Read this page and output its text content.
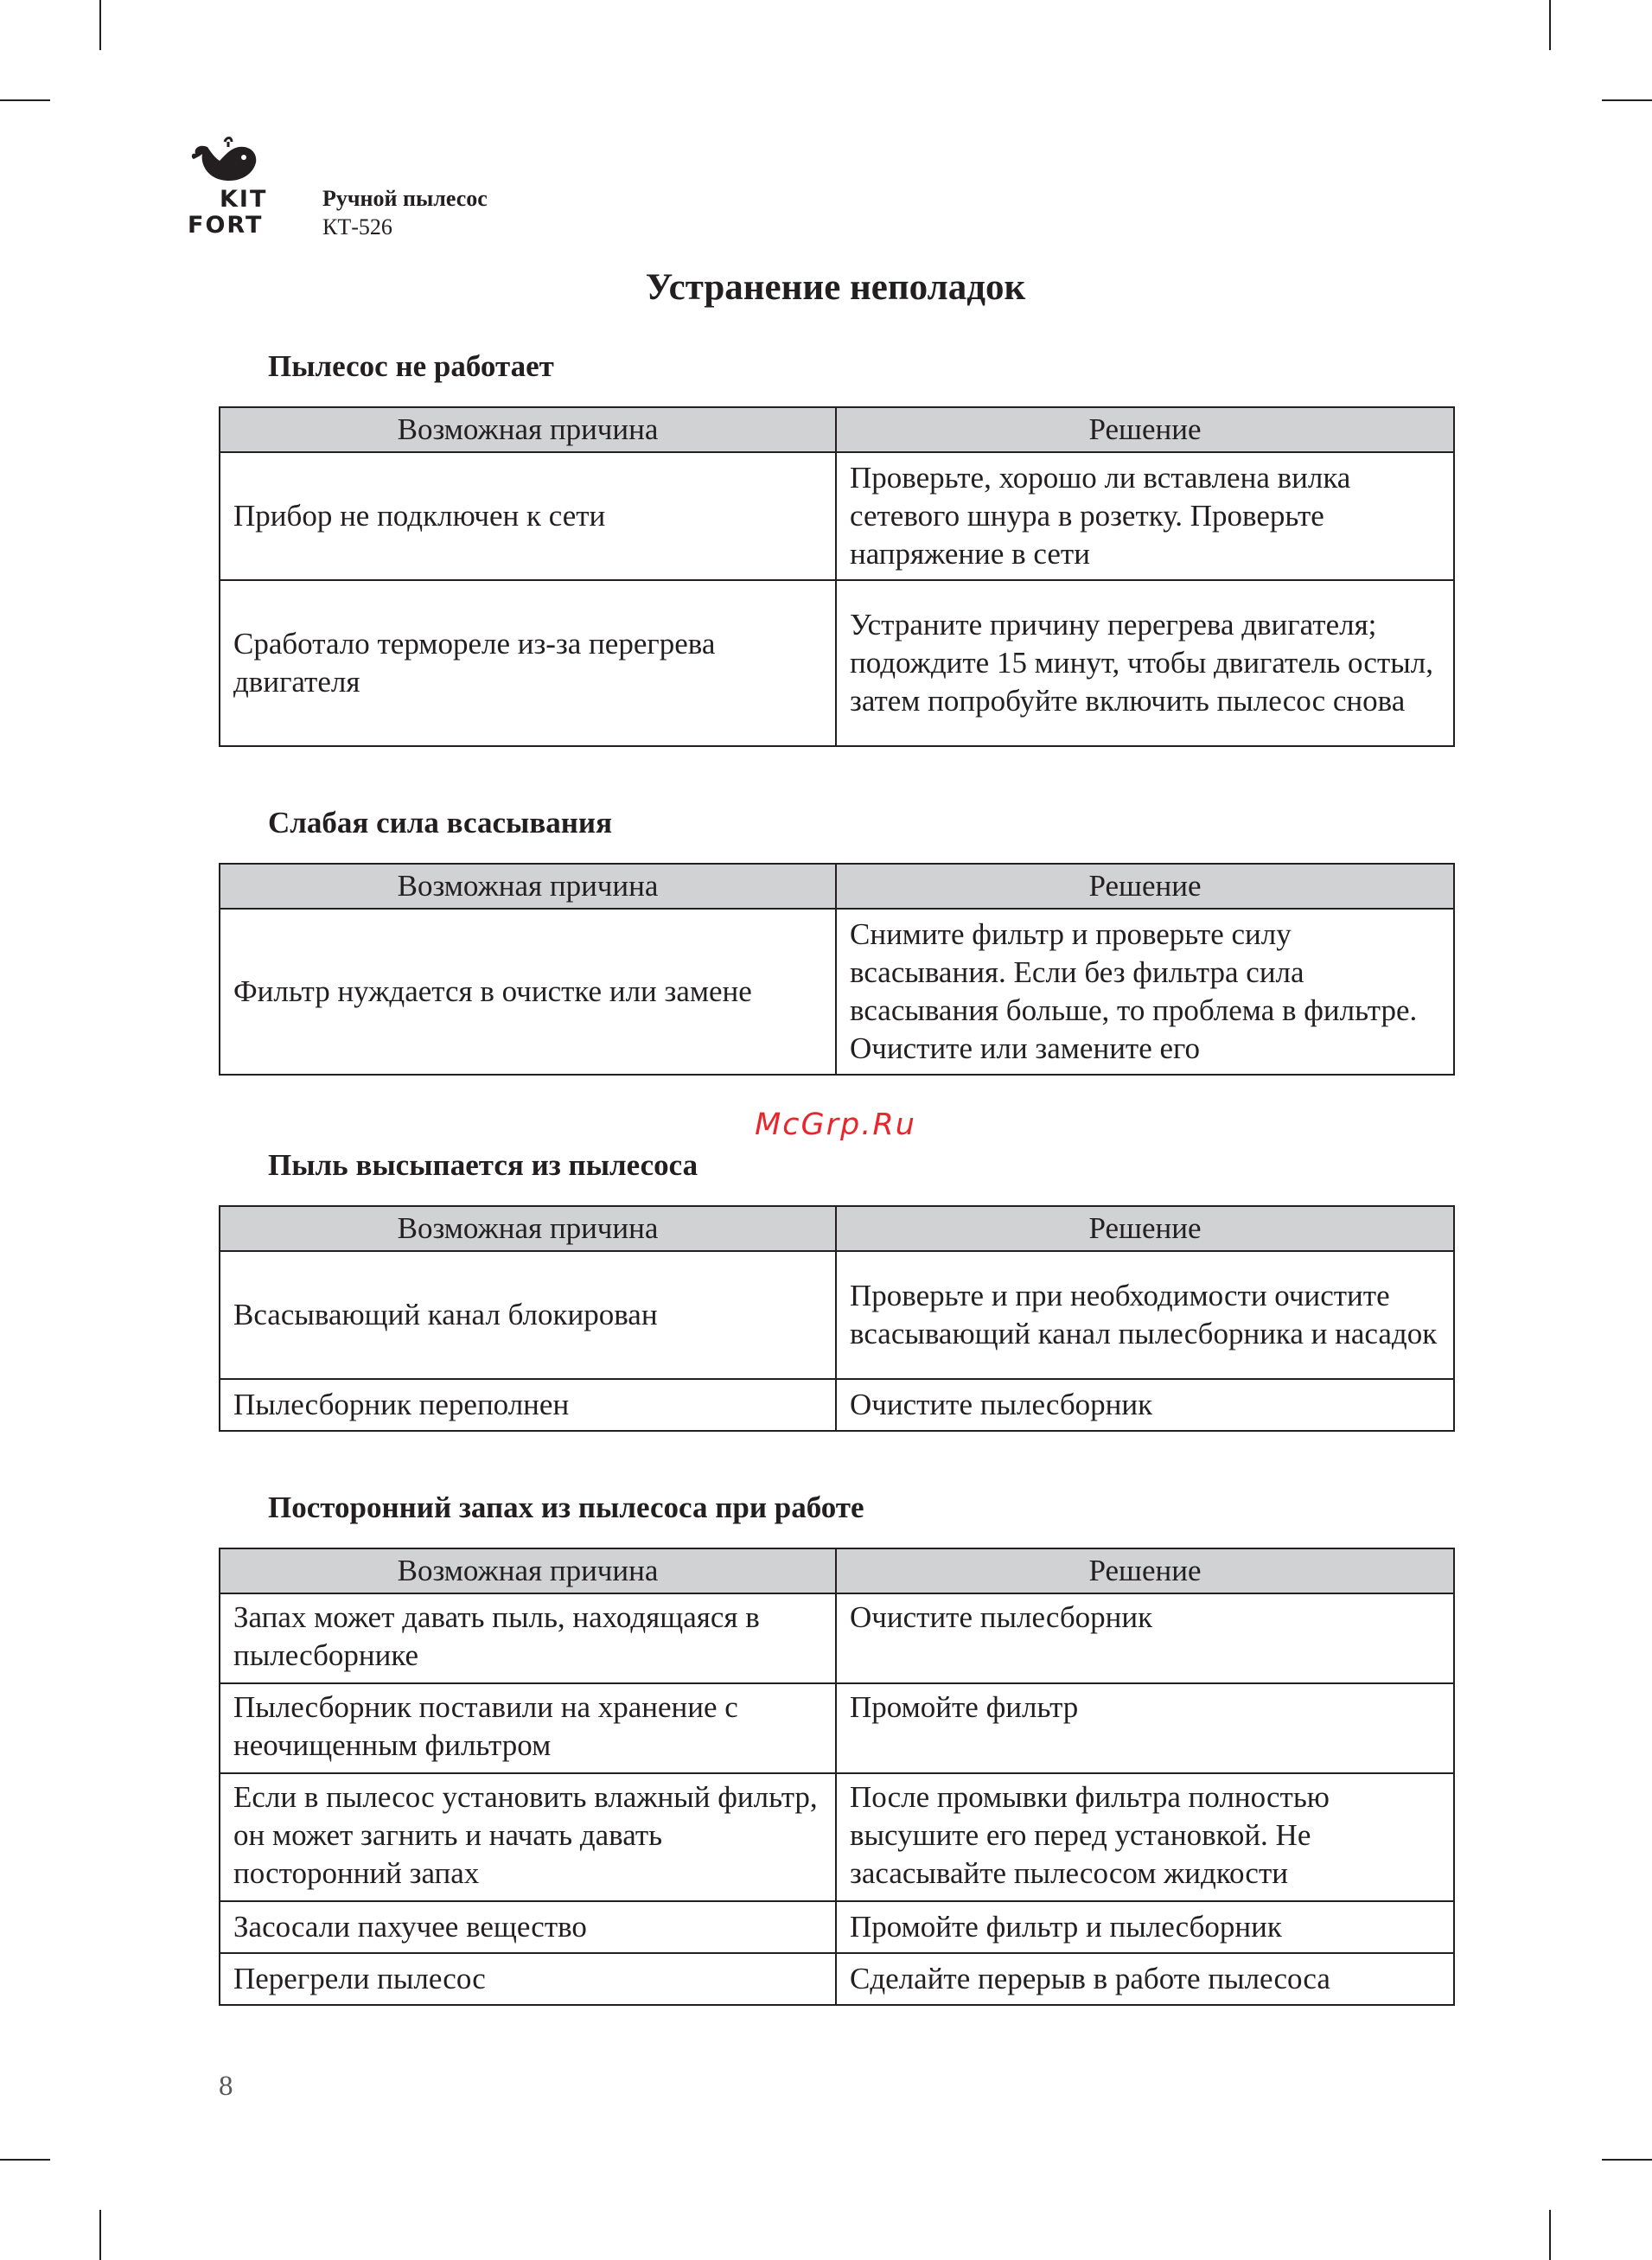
KIT
FORT
Ручной пылесос
КТ-526
Устранение неполадок
Пылесос не работает
Возможная причина	Решение
Прибор не подключен к сети	Проверьте, хорошо ли вставлена вилка сетевого шнура в розетку. Проверьте напряжение в сети
Сработало термореле из-за перегрева двигателя	Устраните причину перегрева двигателя; подождите 15 минут, чтобы двигатель остыл, затем попробуйте включить пылесос снова
Слабая сила всасывания
Возможная причина	Решение
Фильтр нуждается в очистке или замене	Снимите фильтр и проверьте силу всасывания. Если без фильтра сила всасывания больше, то проблема в фильтре. Очистите или замените его
McGrp.Ru
Пыль высыпается из пылесоса
Возможная причина	Решение
Всасывающий канал блокирован	Проверьте и при необходимости очистите всасывающий канал пылесборника и насадок
Пылесборник переполнен	Очистите пылесборник
Посторонний запах из пылесоса при работе
Возможная причина	Решение
Запах может давать пыль, находящаяся в пылесборнике	Очистите пылесборник
Пылесборник поставили на хранение с неочищенным фильтром	Промойте фильтр
Если в пылесос установить влажный фильтр, он может загнить и начать давать посторонний запах	После промывки фильтра полностью высушите его перед установкой. Не засасывайте пылесосом жидкости
Засосали пахучее вещество	Промойте фильтр и пылесборник
Перегрели пылесос	Сделайте перерыв в работе пылесоса
8
